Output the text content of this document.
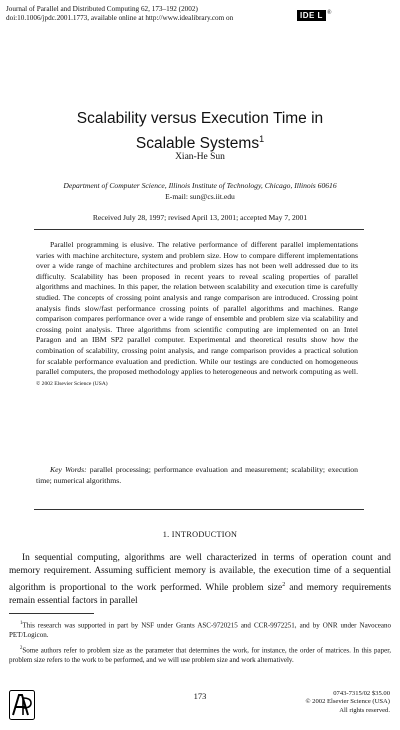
Journal of Parallel and Distributed Computing 62, 173–192 (2002)
doi:10.1006/jpdc.2001.1773, available online at http://www.idealibrary.com on	IDE L ®
Scalability versus Execution Time in
Scalable Systems$^1$
Xian-He Sun
Department of Computer Science, Illinois Institute of Technology, Chicago, Illinois 60616
E-mail: sun@cs.iit.edu
Received July 28, 1997; revised April 13, 2001; accepted May 7, 2001

Parallel programming is elusive. The relative performance of different parallel implementations varies with machine architecture, system and problem size. How to compare different implementations over a wide range of machine architectures and problem sizes has not been well addressed due to its difficulty. Scalability has been proposed in recent years to reveal scaling properties of parallel algorithms and machines. In this paper, the relation between scalability and execution time is carefully studied. The concepts of crossing point analysis and range comparison are introduced. Crossing point analysis finds slow/fast performance crossing points of parallel algorithms and machines. Range comparison compares performance over a wide range of ensemble and problem size via scalability and crossing point analysis. Three algorithms from scientific computing are implemented on an Intel Paragon and an IBM SP2 parallel computer. Experimental and theoretical results show how the combination of scalability, crossing point analysis, and range comparison provides a practical solution for scalable performance evaluation and prediction. While our testings are conducted on homogeneous parallel computers, the proposed methodology applies to heterogeneous and network computing as well. © 2002 Elsevier Science (USA)

Key Words: parallel processing; performance evaluation and measurement; scalability; execution time; numerical algorithms.
1. INTRODUCTION

In sequential computing, algorithms are well characterized in terms of operation count and memory requirement. Assuming sufficient memory is available, the execution time of a sequential algorithm is proportional to the work performed. While problem size$^2$ and memory requirements remain essential factors in parallel

$^1$This research was supported in part by NSF under Grants ASC-9720215 and CCR-9972251, and by ONR under Navoceano PET/Logicon.

$^2$Some authors refer to problem size as the parameter that determines the work, for instance, the order of matrices. In this paper, problem size refers to the work to be performed, and we will use problem size and work alternatively.

173	0743-7315/02 $35.00
© 2002 Elsevier Science (USA)
All rights reserved.
